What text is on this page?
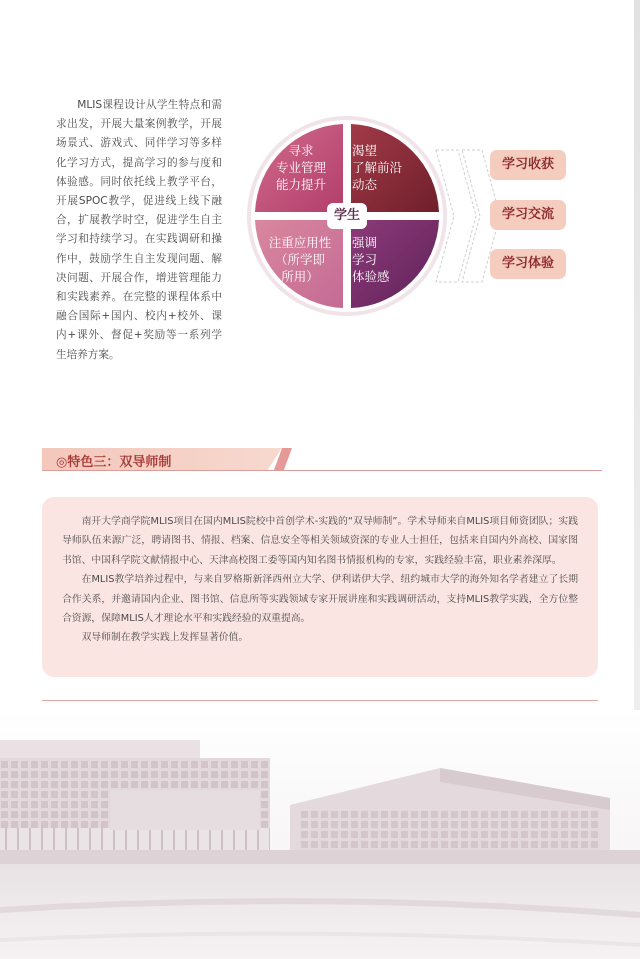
MLIS课程设计从学生特点和需求出发，开展大量案例教学，开展场景式、游戏式、同伴学习等多样化学习方式，提高学习的参与度和体验感。同时依托线上教学平台，开展SPOC教学，促进线上线下融合，扩展教学时空，促进学生自主学习和持续学习。在实践调研和操作中，鼓励学生自主发现问题、解决问题、开展合作，增进管理能力和实践素养。在完整的课程体系中融合国际+国内、校内+校外、课内+课外、督促+奖励等一系列学生培养方案。
寻求
专业管理
能力提升
渴望
了解前沿
动态
注重应用性
（所学即
所用）
强调
学习
体验感
学生
学习收获
学习交流
学习体验
◎特色三：双导师制

南开大学商学院MLIS项目在国内MLIS院校中首创学术-实践的“双导师制”。学术导师来自MLIS项目师资团队；实践导师队伍来源广泛，聘请图书、情报、档案、信息安全等相关领域资深的专业人士担任，包括来自国内外高校、国家图书馆、中国科学院文献情报中心、天津高校图工委等国内知名图书情报机构的专家，实践经验丰富，职业素养深厚。

在MLIS教学培养过程中，与来自罗格斯新泽西州立大学、伊利诺伊大学、纽约城市大学的海外知名学者建立了长期合作关系，并邀请国内企业、图书馆、信息所等实践领域专家开展讲座和实践调研活动，支持MLIS教学实践，全方位整合资源，保障MLIS人才理论水平和实践经验的双重提高。

双导师制在教学实践上发挥显著价值。
